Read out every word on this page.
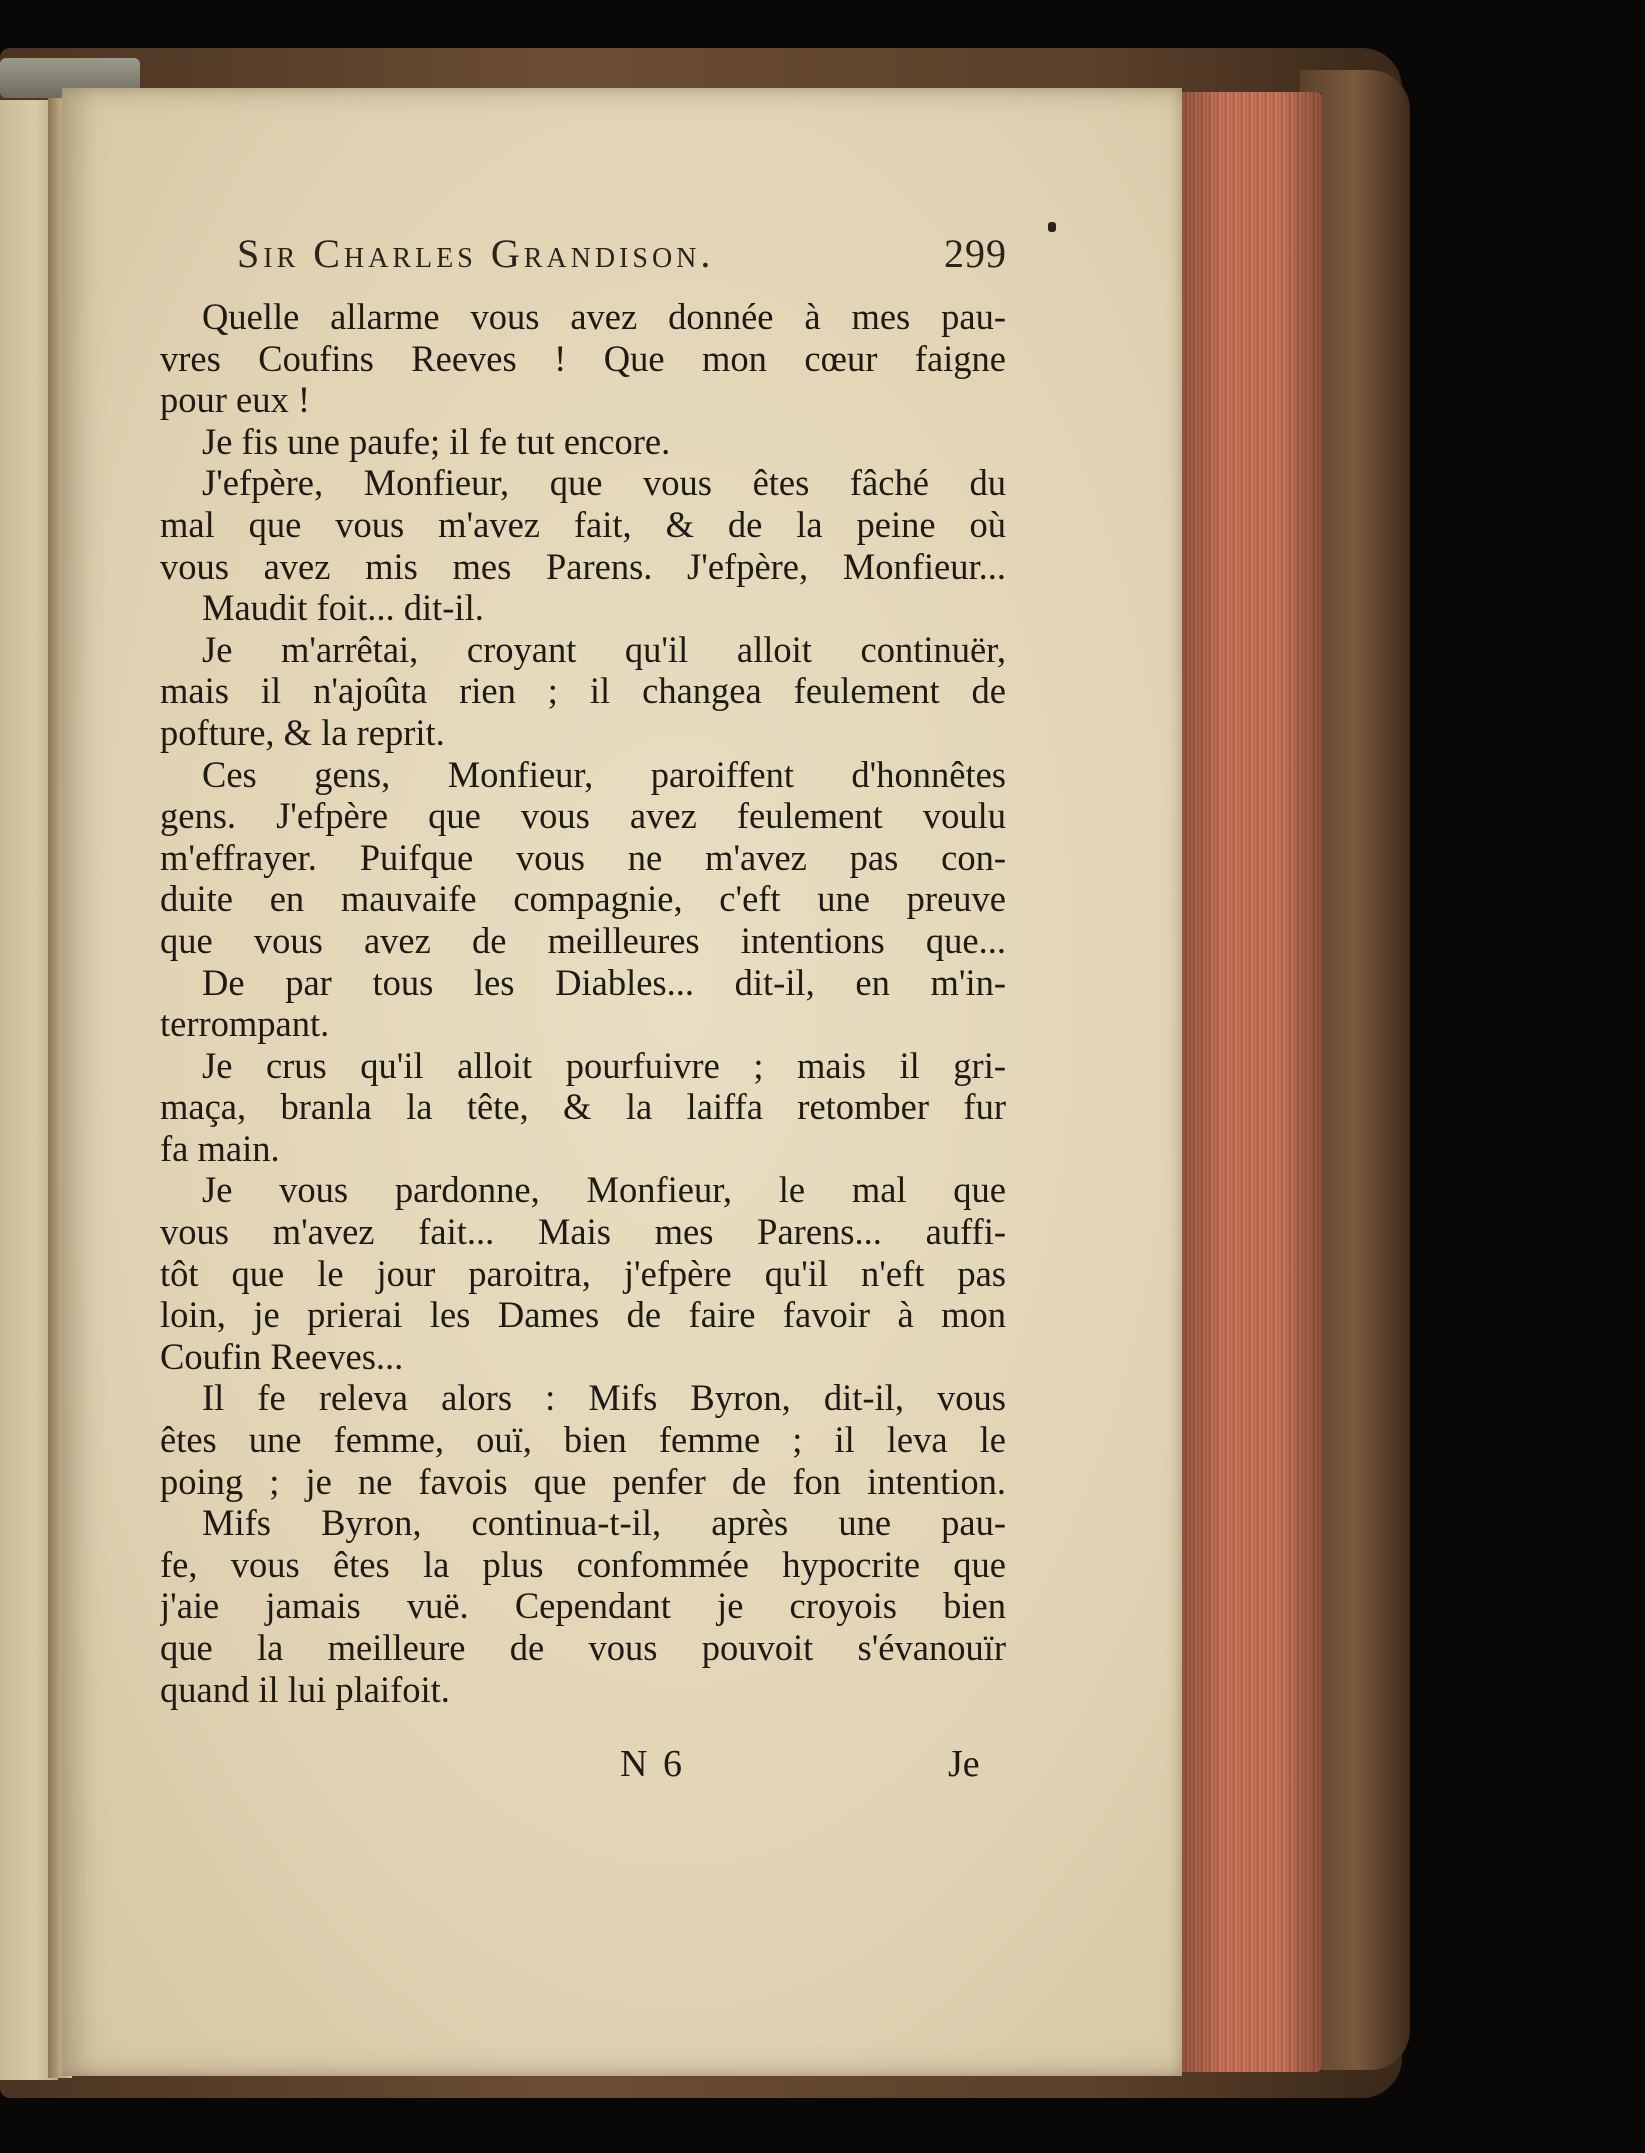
Sir Charles Grandison.	299
Quelle allarme vous avez donnée à mes pau-
vres Coufins Reeves ! Que mon cœur faigne
pour eux !
Je fis une paufe; il fe tut encore.
J'efpère, Monfieur, que vous êtes fâché du
mal que vous m'avez fait, & de la peine où
vous avez mis mes Parens. J'efpère, Monfieur...
Maudit foit... dit-il.
Je m'arrêtai, croyant qu'il alloit continuër,
mais il n'ajoûta rien ; il changea feulement de
pofture, & la reprit.
Ces gens, Monfieur, paroiffent d'honnêtes
gens. J'efpère que vous avez feulement voulu
m'effrayer. Puifque vous ne m'avez pas con-
duite en mauvaife compagnie, c'eft une preuve
que vous avez de meilleures intentions que...
De par tous les Diables... dit-il, en m'in-
terrompant.
Je crus qu'il alloit pourfuivre ; mais il gri-
maça, branla la tête, & la laiffa retomber fur
fa main.
Je vous pardonne, Monfieur, le mal que
vous m'avez fait... Mais mes Parens... auffi-
tôt que le jour paroitra, j'efpère qu'il n'eft pas
loin, je prierai les Dames de faire favoir à mon
Coufin Reeves...
Il fe releva alors : Mifs Byron, dit-il, vous
êtes une femme, ouï, bien femme ; il leva le
poing ; je ne favois que penfer de fon intention.
Mifs Byron, continua-t-il, après une pau-
fe, vous êtes la plus confommée hypocrite que
j'aie jamais vuë. Cependant je croyois bien
que la meilleure de vous pouvoit s'évanouïr
quand il lui plaifoit.
N 6	Je
